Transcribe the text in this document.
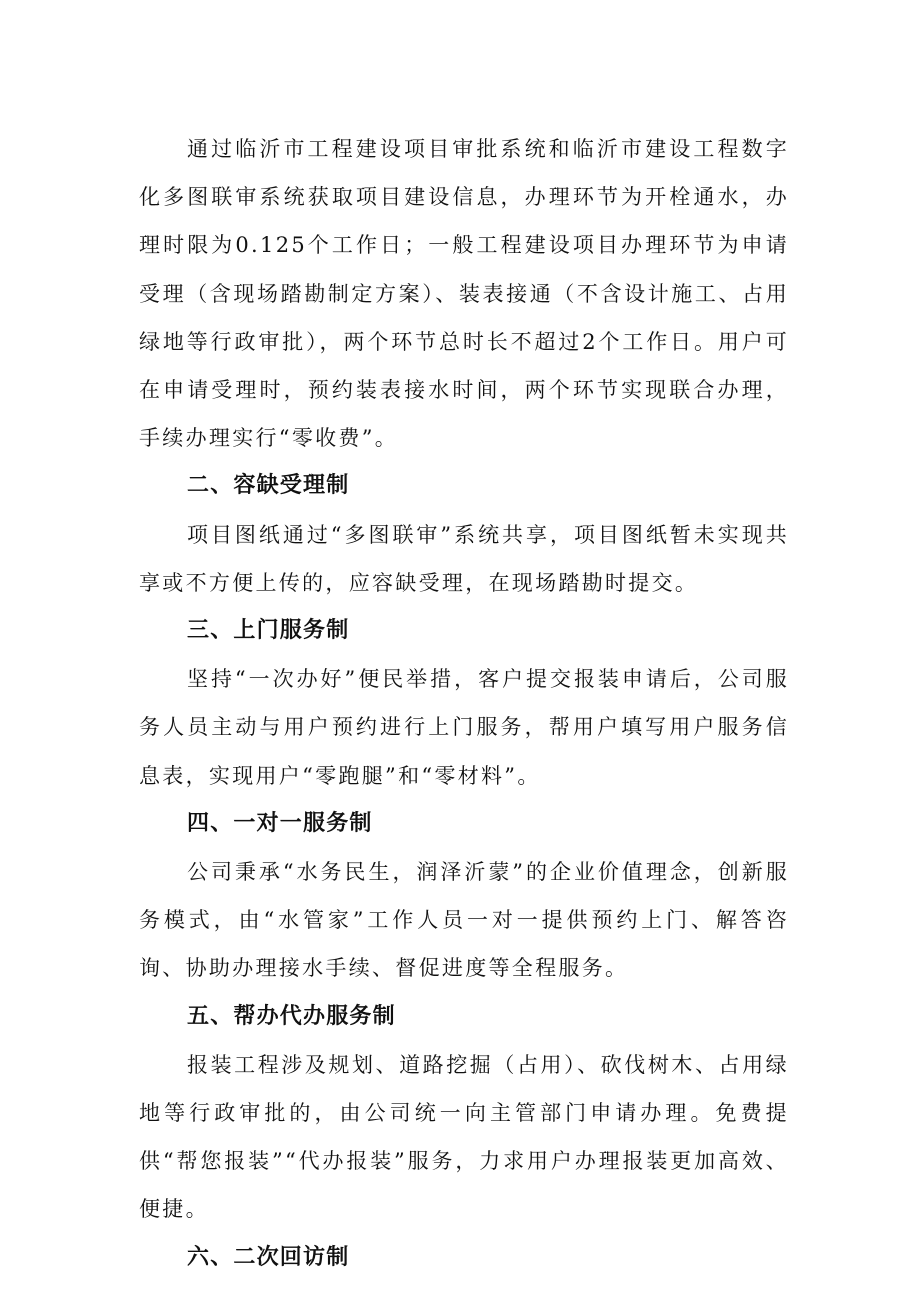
通过临沂市工程建设项目审批系统和临沂市建设工程数字化多图联审系统获取项目建设信息，办理环节为开栓通水，办理时限为0.125个工作日；一般工程建设项目办理环节为申请受理（含现场踏勘制定方案）、装表接通（不含设计施工、占用绿地等行政审批），两个环节总时长不超过2个工作日。用户可在申请受理时，预约装表接水时间，两个环节实现联合办理，手续办理实行“零收费”。

二、容缺受理制

项目图纸通过“多图联审”系统共享，项目图纸暂未实现共享或不方便上传的，应容缺受理，在现场踏勘时提交。

三、上门服务制

坚持“一次办好”便民举措，客户提交报装申请后，公司服务人员主动与用户预约进行上门服务，帮用户填写用户服务信息表，实现用户“零跑腿”和“零材料”。

四、一对一服务制

公司秉承“水务民生，润泽沂蒙”的企业价值理念，创新服务模式，由“水管家”工作人员一对一提供预约上门、解答咨询、协助办理接水手续、督促进度等全程服务。

五、帮办代办服务制

报装工程涉及规划、道路挖掘（占用）、砍伐树木、占用绿地等行政审批的，由公司统一向主管部门申请办理。免费提供“帮您报装”“代办报装”服务，力求用户办理报装更加高效、便捷。

六、二次回访制
